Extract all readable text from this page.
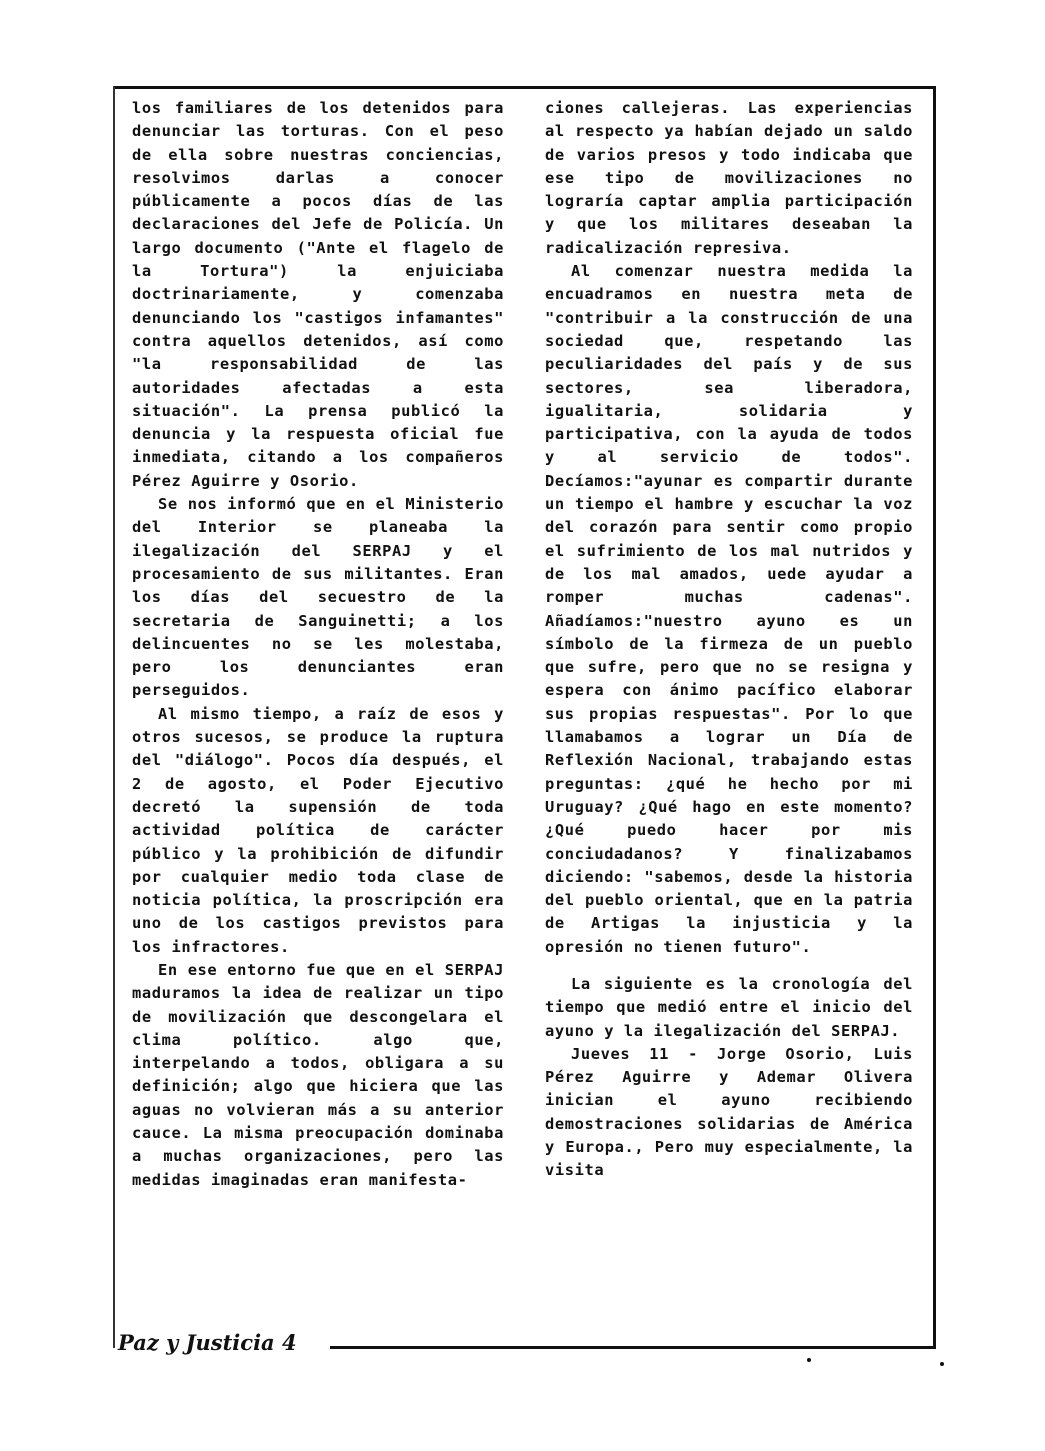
los familiares de los detenidos para denunciar las torturas. Con el peso de ella sobre nuestras conciencias, resolvimos darlas a conocer públicamente a pocos días de las declaraciones del Jefe de Policía. Un largo documento ("Ante el flagelo de la Tortura") la enjuiciaba doctrinariamente, y comenzaba denunciando los "castigos infamantes" contra aquellos detenidos, así como "la responsabilidad de las autoridades afectadas a esta situación". La prensa publicó la denuncia y la respuesta oficial fue inmediata, citando a los compañeros Pérez Aguirre y Osorio.

Se nos informó que en el Ministerio del Interior se planeaba la ilegalización del SERPAJ y el procesamiento de sus militantes. Eran los días del secuestro de la secretaria de Sanguinetti; a los delincuentes no se les molestaba, pero los denunciantes eran perseguidos.

Al mismo tiempo, a raíz de esos y otros sucesos, se produce la ruptura del "diálogo". Pocos día después, el 2 de agosto, el Poder Ejecutivo decretó la supensión de toda actividad política de carácter público y la prohibición de difundir por cualquier medio toda clase de noticia política, la proscripción era uno de los castigos previstos para los infractores.

En ese entorno fue que en el SERPAJ maduramos la idea de realizar un tipo de movilización que descongelara el clima político. algo que, interpelando a todos, obligara a su definición; algo que hiciera que las aguas no volvieran más a su anterior cauce. La misma preocupación dominaba a muchas organizaciones, pero las medidas imaginadas eran manifesta-

ciones callejeras. Las experiencias al respecto ya habían dejado un saldo de varios presos y todo indicaba que ese tipo de movilizaciones no lograría captar amplia participación y que los militares deseaban la radicalización represiva.

Al comenzar nuestra medida la encuadramos en nuestra meta de "contribuir a la construcción de una sociedad que, respetando las peculiaridades del país y de sus sectores, sea liberadora, igualitaria, solidaria y participativa, con la ayuda de todos y al servicio de todos". Decíamos:"ayunar es compartir durante un tiempo el hambre y escuchar la voz del corazón para sentir como propio el sufrimiento de los mal nutridos y de los mal amados, uede ayudar a romper muchas cadenas". Añadíamos:"nuestro ayuno es un símbolo de la firmeza de un pueblo que sufre, pero que no se resigna y espera con ánimo pacífico elaborar sus propias respuestas". Por lo que llamabamos a lograr un Día de Reflexión Nacional, trabajando estas preguntas: ¿qué he hecho por mi Uruguay? ¿Qué hago en este momento? ¿Qué puedo hacer por mis conciudadanos? Y finalizabamos diciendo: "sabemos, desde la historia del pueblo oriental, que en la patria de Artigas la injusticia y la opresión no tienen futuro".

La siguiente es la cronología del tiempo que medió entre el inicio del ayuno y la ilegalización del SERPAJ.

Jueves 11 - Jorge Osorio, Luis Pérez Aguirre y Ademar Olivera inician el ayuno recibiendo demostraciones solidarias de América y Europa., Pero muy especialmente, la visita

Paz y Justicia 4
